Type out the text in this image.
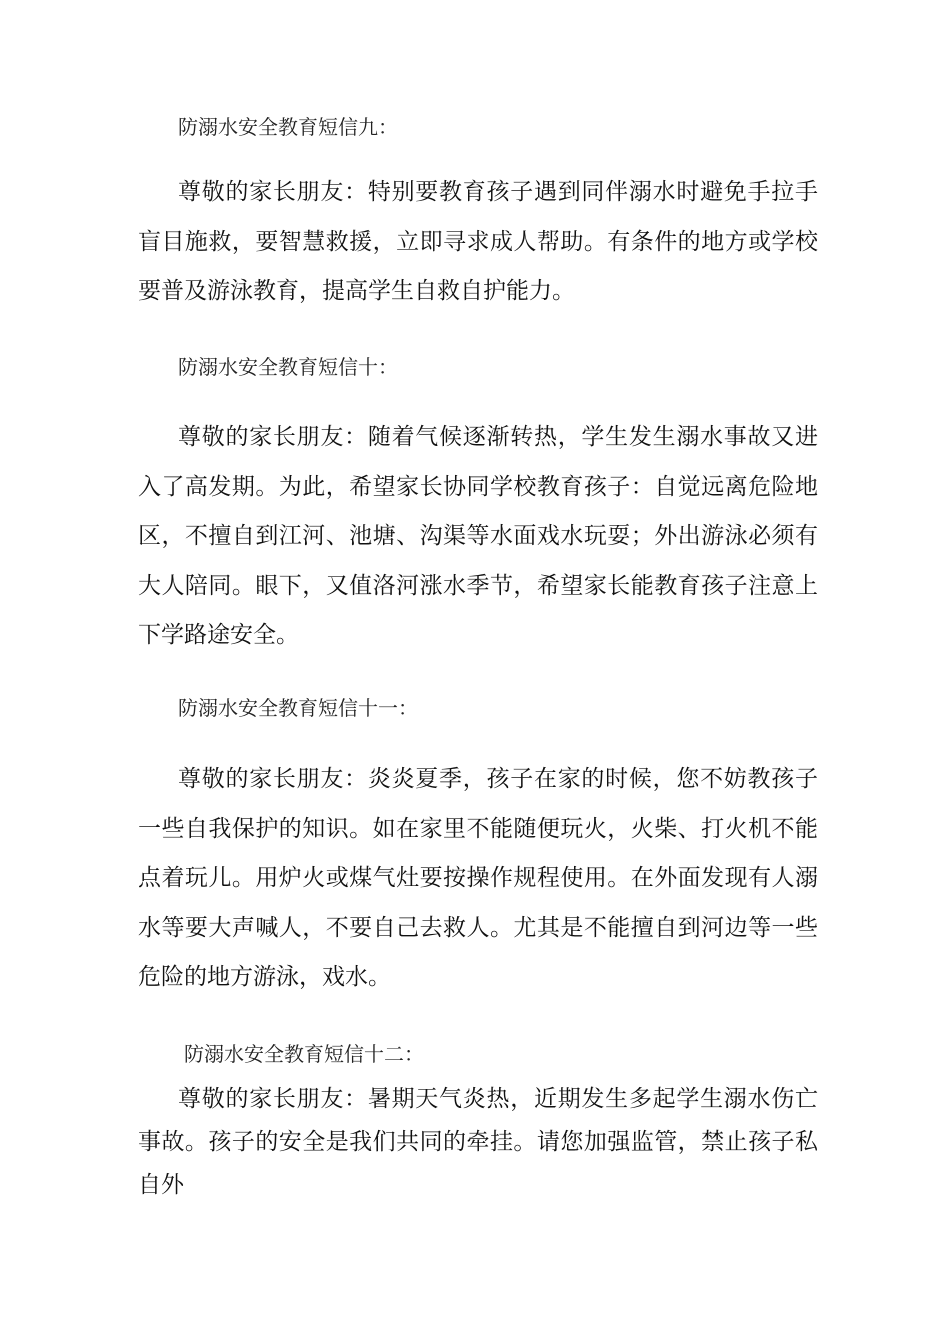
防溺水安全教育短信九：
尊敬的家长朋友：特别要教育孩子遇到同伴溺水时避免手拉手盲目施救，要智慧救援，立即寻求成人帮助。有条件的地方或学校要普及游泳教育，提高学生自救自护能力。
防溺水安全教育短信十：
尊敬的家长朋友：随着气候逐渐转热，学生发生溺水事故又进入了高发期。为此，希望家长协同学校教育孩子：自觉远离危险地区，不擅自到江河、池塘、沟渠等水面戏水玩耍；外出游泳必须有大人陪同。眼下，又值洛河涨水季节，希望家长能教育孩子注意上下学路途安全。
防溺水安全教育短信十一：
尊敬的家长朋友：炎炎夏季，孩子在家的时候，您不妨教孩子一些自我保护的知识。如在家里不能随便玩火，火柴、打火机不能点着玩儿。用炉火或煤气灶要按操作规程使用。在外面发现有人溺水等要大声喊人，不要自己去救人。尤其是不能擅自到河边等一些危险的地方游泳，戏水。
防溺水安全教育短信十二：
尊敬的家长朋友：暑期天气炎热，近期发生多起学生溺水伤亡事故。孩子的安全是我们共同的牵挂。请您加强监管，禁止孩子私自外
